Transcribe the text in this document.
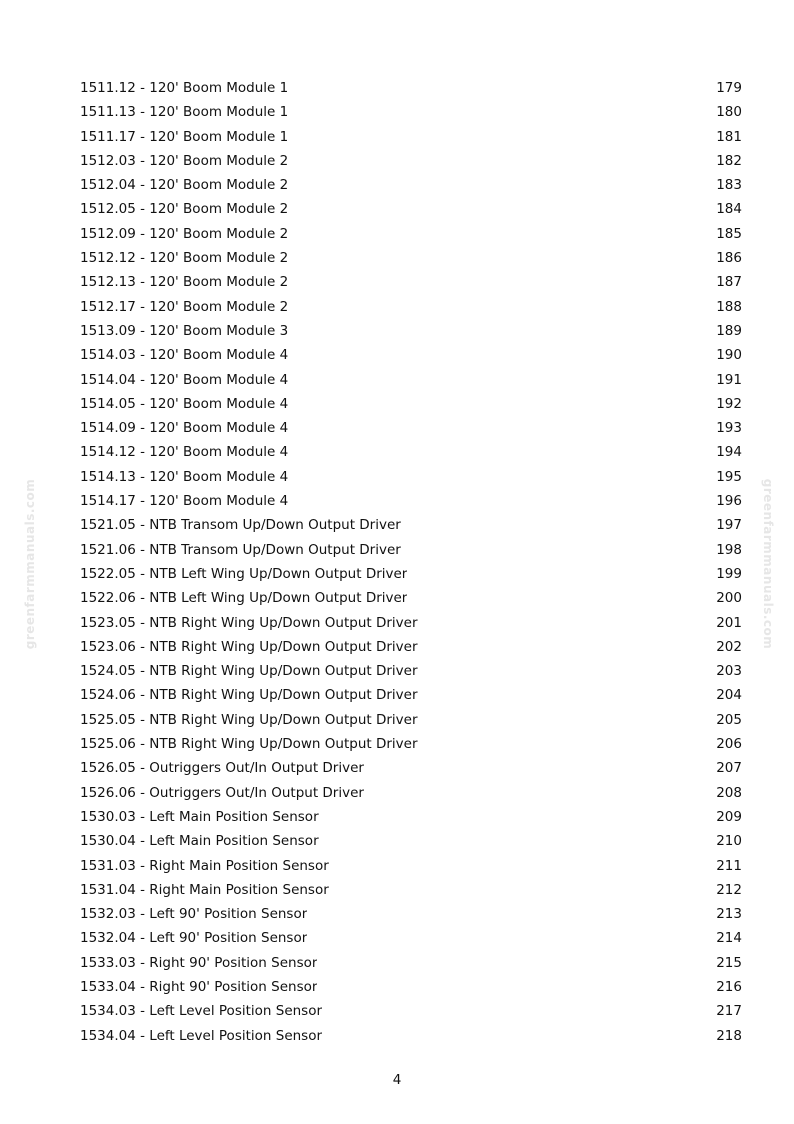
greenfarmmanuals.com	greenfarmmanuals.com
1511.12 - 120' Boom Module 1	179
1511.13 - 120' Boom Module 1	180
1511.17 - 120' Boom Module 1	181
1512.03 - 120' Boom Module 2	182
1512.04 - 120' Boom Module 2	183
1512.05 - 120' Boom Module 2	184
1512.09 - 120' Boom Module 2	185
1512.12 - 120' Boom Module 2	186
1512.13 - 120' Boom Module 2	187
1512.17 - 120' Boom Module 2	188
1513.09 - 120' Boom Module 3	189
1514.03 - 120' Boom Module 4	190
1514.04 - 120' Boom Module 4	191
1514.05 - 120' Boom Module 4	192
1514.09 - 120' Boom Module 4	193
1514.12 - 120' Boom Module 4	194
1514.13 - 120' Boom Module 4	195
1514.17 - 120' Boom Module 4	196
1521.05 - NTB Transom Up/Down Output Driver	197
1521.06 - NTB Transom Up/Down Output Driver	198
1522.05 - NTB Left Wing Up/Down Output Driver	199
1522.06 - NTB Left Wing Up/Down Output Driver	200
1523.05 - NTB Right Wing Up/Down Output Driver	201
1523.06 - NTB Right Wing Up/Down Output Driver	202
1524.05 - NTB Right Wing Up/Down Output Driver	203
1524.06 - NTB Right Wing Up/Down Output Driver	204
1525.05 - NTB Right Wing Up/Down Output Driver	205
1525.06 - NTB Right Wing Up/Down Output Driver	206
1526.05 - Outriggers Out/In Output Driver	207
1526.06 - Outriggers Out/In Output Driver	208
1530.03 - Left Main Position Sensor	209
1530.04 - Left Main Position Sensor	210
1531.03 - Right Main Position Sensor	211
1531.04 - Right Main Position Sensor	212
1532.03 - Left 90' Position Sensor	213
1532.04 - Left 90' Position Sensor	214
1533.03 - Right 90' Position Sensor	215
1533.04 - Right 90' Position Sensor	216
1534.03 - Left Level Position Sensor	217
1534.04 - Left Level Position Sensor	218
4
